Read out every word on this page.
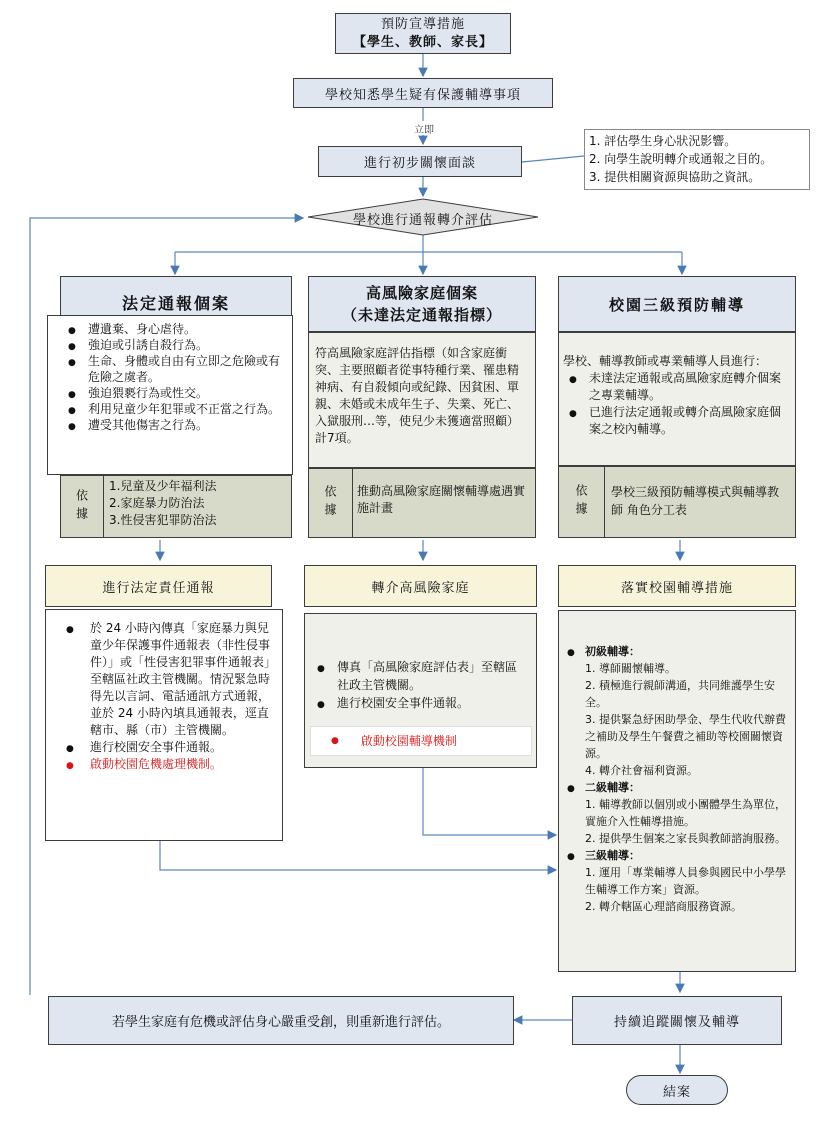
預防宣導措施
【學生、教師、家長】
學校知悉學生疑有保護輔導事項
立即
進行初步關懷面談
1. 評估學生身心狀況影響。
2. 向學生說明轉介或通報之目的。
3. 提供相關資源與協助之資訊。
學校進行通報轉介評估
法定通報個案
● 遭遺棄、身心虐待。
● 強迫或引誘自殺行為。
● 生命、身體或自由有立即之危險或有危險之虞者。
● 強迫猥褻行為或性交。
● 利用兒童少年犯罪或不正當之行為。
● 遭受其他傷害之行為。
依據
1.兒童及少年福利法
2.家庭暴力防治法
3.性侵害犯罪防治法
進行法定責任通報
● 於 24 小時內傳真「家庭暴力與兒童少年保護事件通報表（非性侵事件）」或「性侵害犯罪事件通報表」至轄區社政主管機關。情況緊急時得先以言詞、電話通訊方式通報，並於 24 小時內填具通報表，逕直轄市、縣（市）主管機關。
● 進行校園安全事件通報。
● 啟動校園危機處理機制。
高風險家庭個案
（未達法定通報指標）
符高風險家庭評估指標（如含家庭衝突、主要照顧者從事特種行業、罹患精神病、有自殺傾向或紀錄、因貧困、單親、未婚或未成年生子、失業、死亡、入獄服刑…等，使兒少未獲適當照顧）計7項。
依據	推動高風險家庭關懷輔導處遇實施計畫
轉介高風險家庭
● 傳真「高風險家庭評估表」至轄區社政主管機關。
● 進行校園安全事件通報。
● 啟動校園輔導機制
校園三級預防輔導
學校、輔導教師或專業輔導人員進行：
● 未達法定通報或高風險家庭轉介個案之專業輔導。
● 已進行法定通報或轉介高風險家庭個案之校內輔導。
依據	學校三級預防輔導模式與輔導教師 角色分工表
落實校園輔導措施
● 初級輔導：
1. 導師關懷輔導。
2. 積極進行親師溝通，共同維護學生安全。
3. 提供緊急紓困助學金、學生代收代辦費之補助及學生午餐費之補助等校園關懷資源。
4. 轉介社會福利資源。
● 二級輔導：
1. 輔導教師以個別或小團體學生為單位，實施介入性輔導措施。
2. 提供學生個案之家長與教師諮詢服務。
● 三級輔導：
1. 運用「專業輔導人員參與國民中小學學生輔導工作方案」資源。
2. 轉介轄區心理諮商服務資源。
持續追蹤關懷及輔導
若學生家庭有危機或評估身心嚴重受創，則重新進行評估。
結案
